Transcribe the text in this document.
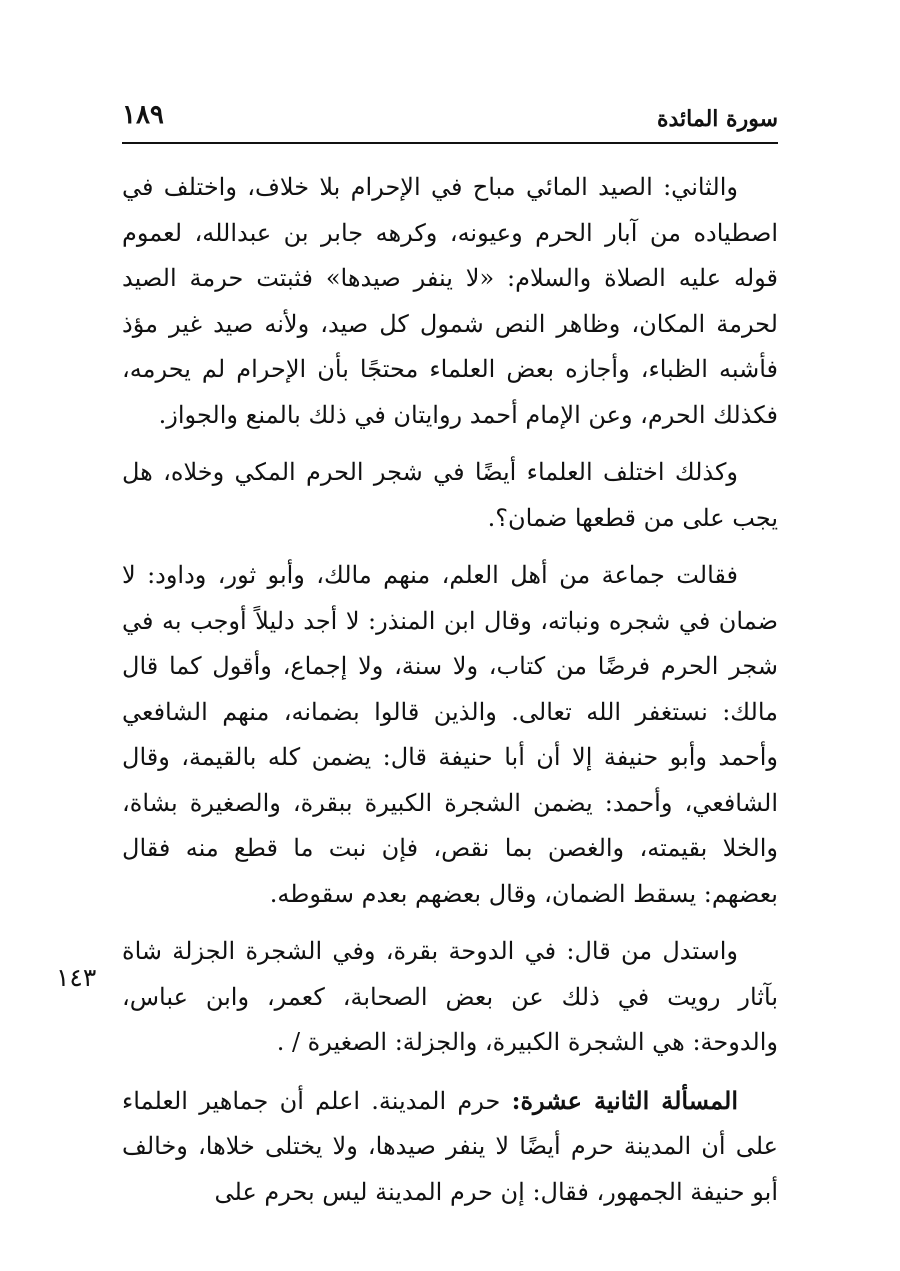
سورة المائدة
١٨٩
١٤٣

والثاني: الصيد المائي مباح في الإحرام بلا خلاف، واختلف في اصطياده من آبار الحرم وعيونه، وكرهه جابر بن عبدالله، لعموم قوله عليه الصلاة والسلام: «لا ينفر صيدها» فثبتت حرمة الصيد لحرمة المكان، وظاهر النص شمول كل صيد، ولأنه صيد غير مؤذ فأشبه الظباء، وأجازه بعض العلماء محتجًا بأن الإحرام لم يحرمه، فكذلك الحرم، وعن الإمام أحمد روايتان في ذلك بالمنع والجواز.

وكذلك اختلف العلماء أيضًا في شجر الحرم المكي وخلاه، هل يجب على من قطعها ضمان؟.

فقالت جماعة من أهل العلم، منهم مالك، وأبو ثور، وداود: لا ضمان في شجره ونباته، وقال ابن المنذر: لا أجد دليلاً أوجب به في شجر الحرم فرضًا من كتاب، ولا سنة، ولا إجماع، وأقول كما قال مالك: نستغفر الله تعالى. والذين قالوا بضمانه، منهم الشافعي وأحمد وأبو حنيفة إلا أن أبا حنيفة قال: يضمن كله بالقيمة، وقال الشافعي، وأحمد: يضمن الشجرة الكبيرة ببقرة، والصغيرة بشاة، والخلا بقيمته، والغصن بما نقص، فإن نبت ما قطع منه فقال بعضهم: يسقط الضمان، وقال بعضهم بعدم سقوطه.

واستدل من قال: في الدوحة بقرة، وفي الشجرة الجزلة شاة بآثار رويت في ذلك عن بعض الصحابة، كعمر، وابن عباس، والدوحة: هي الشجرة الكبيرة، والجزلة: الصغيرة / .

المسألة الثانية عشرة: حرم المدينة. اعلم أن جماهير العلماء على أن المدينة حرم أيضًا لا ينفر صيدها، ولا يختلى خلاها، وخالف أبو حنيفة الجمهور، فقال: إن حرم المدينة ليس بحرم على
